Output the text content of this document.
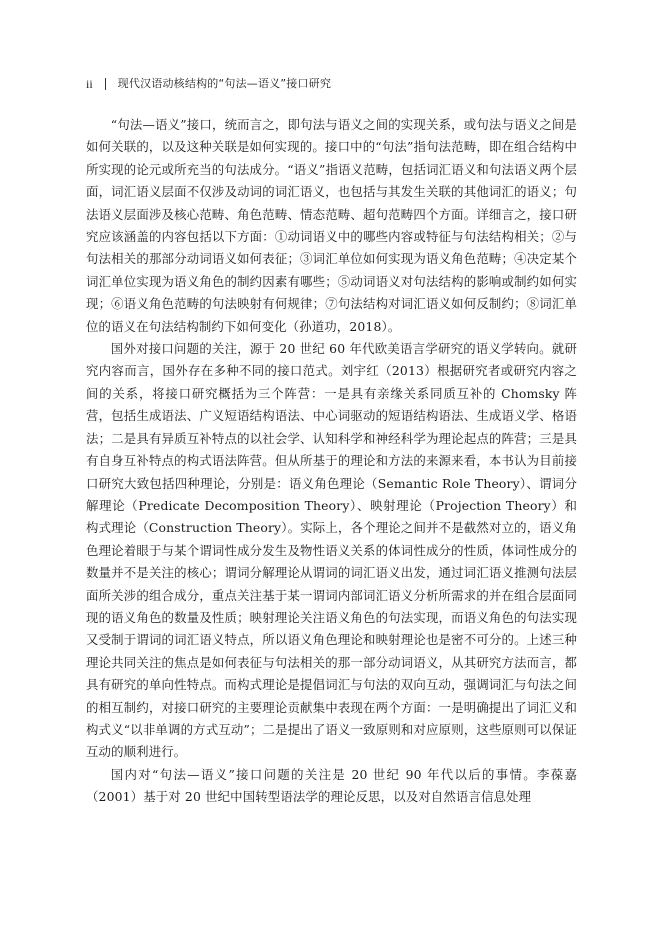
ii 现代汉语动核结构的“句法—语义”接口研究

“句法—语义”接口，统而言之，即句法与语义之间的实现关系，或句法与语义之间是如何关联的，以及这种关联是如何实现的。接口中的“句法”指句法范畴，即在组合结构中所实现的论元或所充当的句法成分。“语义”指语义范畴，包括词汇语义和句法语义两个层面，词汇语义层面不仅涉及动词的词汇语义，也包括与其发生关联的其他词汇的语义；句法语义层面涉及核心范畴、角色范畴、情态范畴、超句范畴四个方面。详细言之，接口研究应该涵盖的内容包括以下方面：①动词语义中的哪些内容或特征与句法结构相关；②与句法相关的那部分动词语义如何表征；③词汇单位如何实现为语义角色范畴；④决定某个词汇单位实现为语义角色的制约因素有哪些；⑤动词语义对句法结构的影响或制约如何实现；⑥语义角色范畴的句法映射有何规律；⑦句法结构对词汇语义如何反制约；⑧词汇单位的语义在句法结构制约下如何变化（孙道功，2018）。

国外对接口问题的关注，源于 20 世纪 60 年代欧美语言学研究的语义学转向。就研究内容而言，国外存在多种不同的接口范式。刘宇红（2013）根据研究者或研究内容之间的关系，将接口研究概括为三个阵营：一是具有亲缘关系同质互补的 Chomsky 阵营，包括生成语法、广义短语结构语法、中心词驱动的短语结构语法、生成语义学、格语法；二是具有异质互补特点的以社会学、认知科学和神经科学为理论起点的阵营；三是具有自身互补特点的构式语法阵营。但从所基于的理论和方法的来源来看，本书认为目前接口研究大致包括四种理论，分别是：语义角色理论（Semantic Role Theory）、谓词分解理论（Predicate Decomposition Theory）、映射理论（Projection Theory）和构式理论（Construction Theory）。实际上，各个理论之间并不是截然对立的，语义角色理论着眼于与某个谓词性成分发生及物性语义关系的体词性成分的性质，体词性成分的数量并不是关注的核心；谓词分解理论从谓词的词汇语义出发，通过词汇语义推测句法层面所关涉的组合成分，重点关注基于某一谓词内部词汇语义分析所需求的并在组合层面同现的语义角色的数量及性质；映射理论关注语义角色的句法实现，而语义角色的句法实现又受制于谓词的词汇语义特点，所以语义角色理论和映射理论也是密不可分的。上述三种理论共同关注的焦点是如何表征与句法相关的那一部分动词语义，从其研究方法而言，都具有研究的单向性特点。而构式理论是提倡词汇与句法的双向互动，强调词汇与句法之间的相互制约，对接口研究的主要理论贡献集中表现在两个方面：一是明确提出了词汇义和构式义“以非单调的方式互动”；二是提出了语义一致原则和对应原则，这些原则可以保证互动的顺利进行。

国内对“句法—语义”接口问题的关注是 20 世纪 90 年代以后的事情。李葆嘉（2001）基于对 20 世纪中国转型语法学的理论反思，以及对自然语言信息处理
